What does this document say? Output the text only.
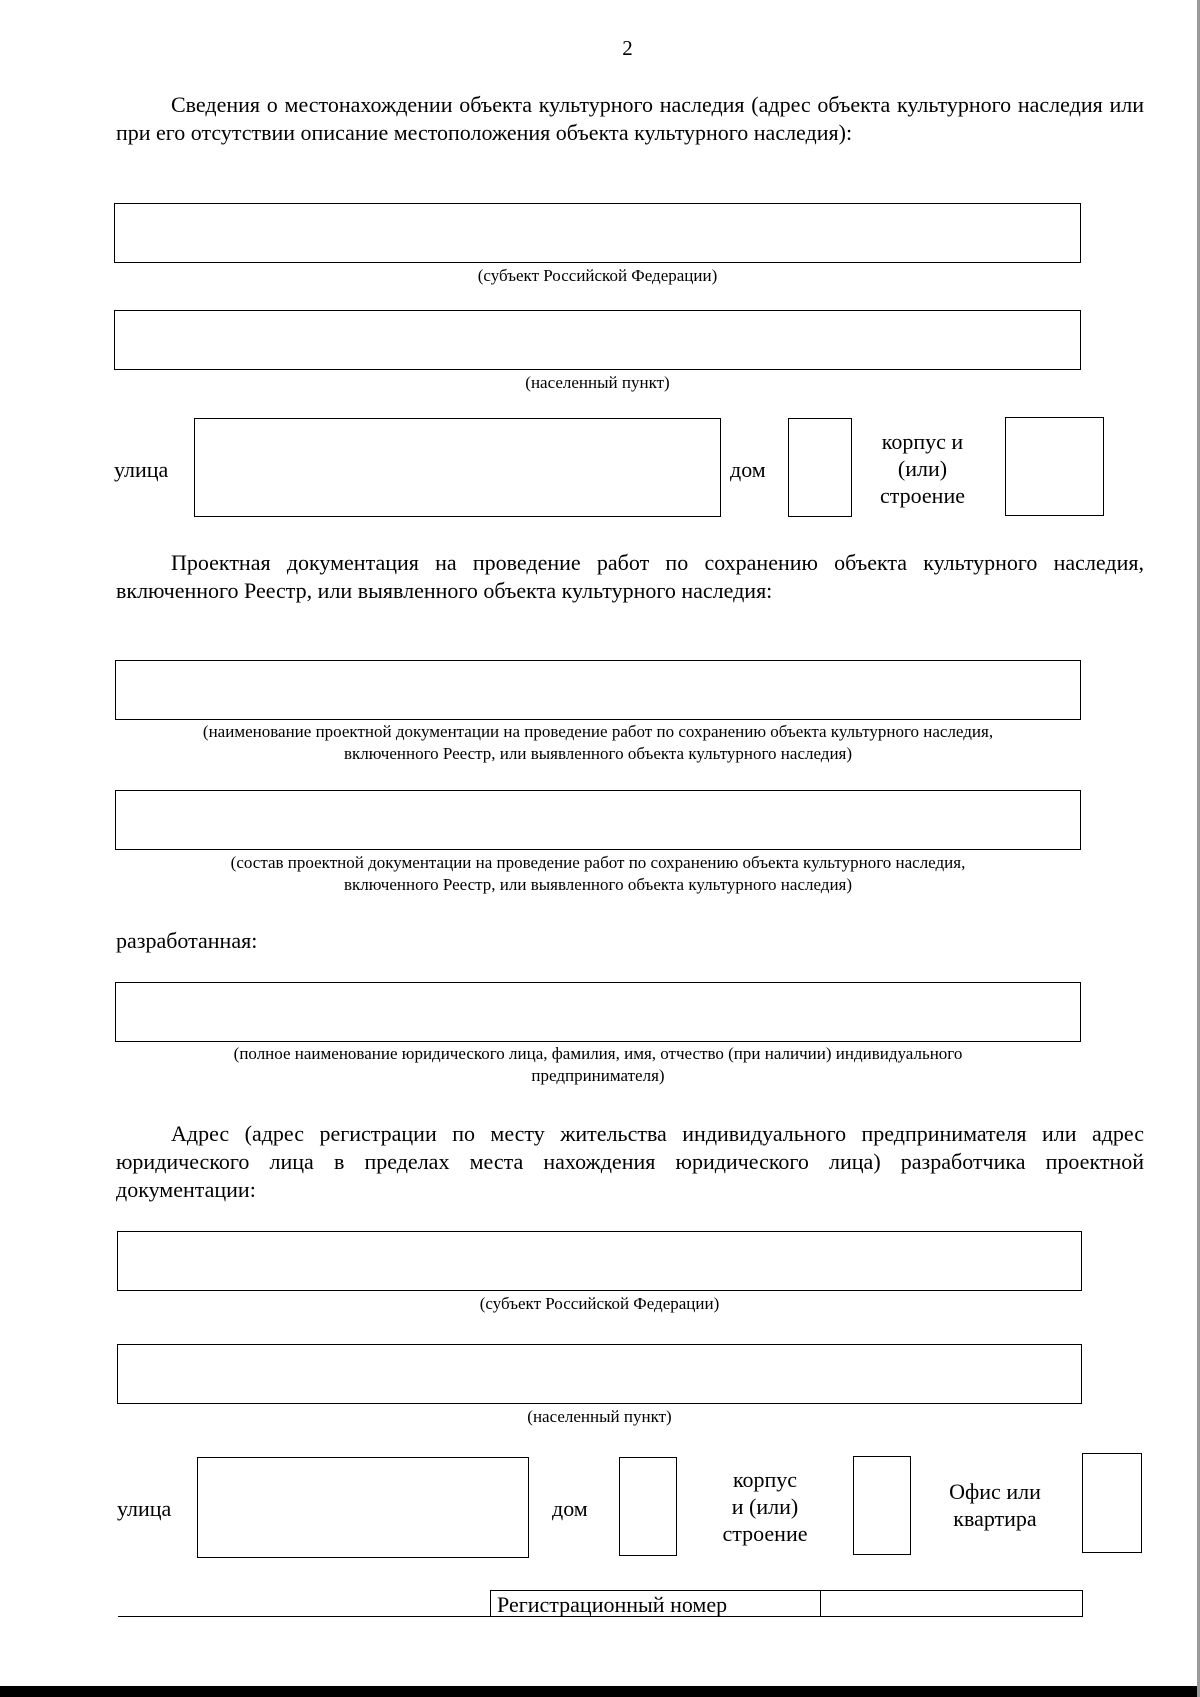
2
Сведения о местонахождении объекта культурного наследия (адрес объекта культурного наследия или при его отсутствии описание местоположения объекта культурного наследия):
(субъект Российской Федерации)
(населенный пункт)
улица	дом
корпус и
(или)
строение
Проектная документация на проведение работ по сохранению объекта культурного наследия, включенного Реестр, или выявленного объекта культурного наследия:
(наименование проектной документации на проведение работ по сохранению объекта культурного наследия,
включенного Реестр, или выявленного объекта культурного наследия)
(состав проектной документации на проведение работ по сохранению объекта культурного наследия,
включенного Реестр, или выявленного объекта культурного наследия)
разработанная:
(полное наименование юридического лица, фамилия, имя, отчество (при наличии) индивидуального
предпринимателя)
Адрес (адрес регистрации по месту жительства индивидуального предпринимателя или адрес юридического лица в пределах места нахождения юридического лица) разработчика проектной документации:
(субъект Российской Федерации)
(населенный пункт)
улица	дом
корпус
и (или)
строение
Офис или
квартира
Регистрационный номер
